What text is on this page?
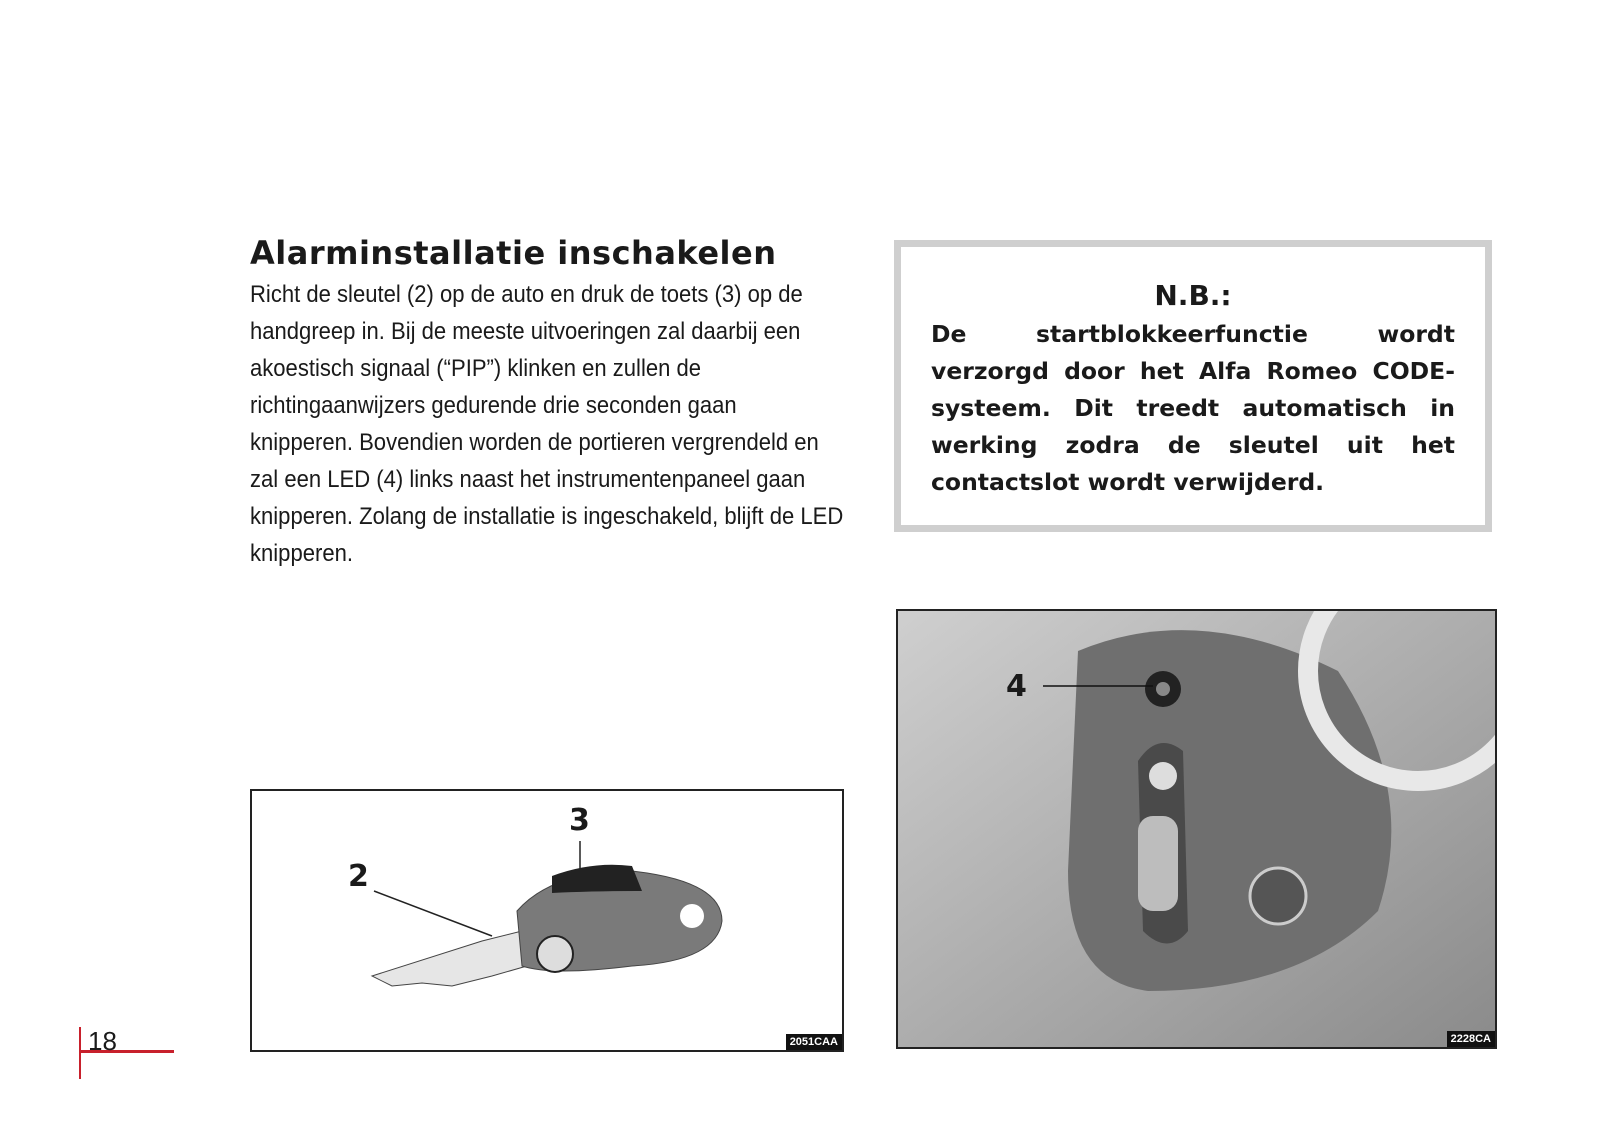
Alarminstallatie inschakelen
Richt de sleutel (2) op de auto en druk de toets (3) op de handgreep in. Bij de meeste uitvoeringen zal daarbij een akoestisch signaal (“PIP”) klinken en zullen de richtingaanwijzers gedurende drie seconden gaan knipperen. Bovendien worden de portieren vergrendeld en zal een LED (4) links naast het instrumentenpaneel gaan knipperen. Zolang de installatie is ingeschakeld, blijft de LED knipperen.
N.B.:
De startblokkeerfunctie wordt verzorgd door het Alfa Romeo CODE-systeem. Dit treedt automatisch in werking zodra de sleutel uit het contactslot wordt verwijderd.
2
3
2051CAA
4
2228CA
18
